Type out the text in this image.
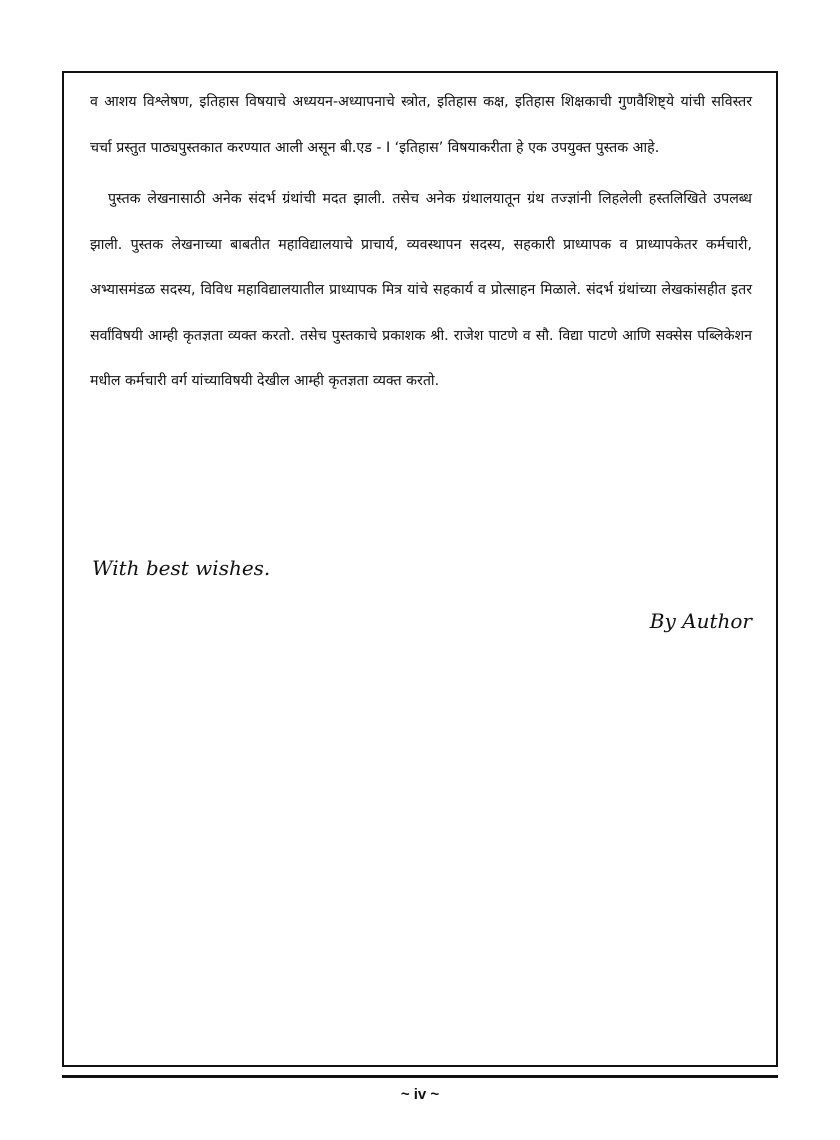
व आशय विश्लेषण, इतिहास विषयाचे अध्ययन-अध्यापनाचे स्त्रोत, इतिहास कक्ष, इतिहास शिक्षकाची गुणवैशिष्ट्ये यांची सविस्तर चर्चा प्रस्तुत पाठ्यपुस्तकात करण्यात आली असून बी.एड - I ‘इतिहास’ विषयाकरीता हे एक उपयुक्त पुस्तक आहे.

पुस्तक लेखनासाठी अनेक संदर्भ ग्रंथांची मदत झाली. तसेच अनेक ग्रंथालयातून ग्रंथ तज्ज्ञांनी लिहलेली हस्तलिखिते उपलब्ध झाली. पुस्तक लेखनाच्या बाबतीत महाविद्यालयाचे प्राचार्य, व्यवस्थापन सदस्य, सहकारी प्राध्यापक व प्राध्यापकेतर कर्मचारी, अभ्यासमंडळ सदस्य, विविध महाविद्यालयातील प्राध्यापक मित्र यांचे सहकार्य व प्रोत्साहन मिळाले. संदर्भ ग्रंथांच्या लेखकांसहीत इतर सर्वांविषयी आम्ही कृतज्ञता व्यक्त करतो. तसेच पुस्तकाचे प्रकाशक श्री. राजेश पाटणे व सौ. विद्या पाटणे आणि सक्सेस पब्लिकेशन मधील कर्मचारी वर्ग यांच्याविषयी देखील आम्ही कृतज्ञता व्यक्त करतो.

With best wishes.
By Author
~ iv ~
